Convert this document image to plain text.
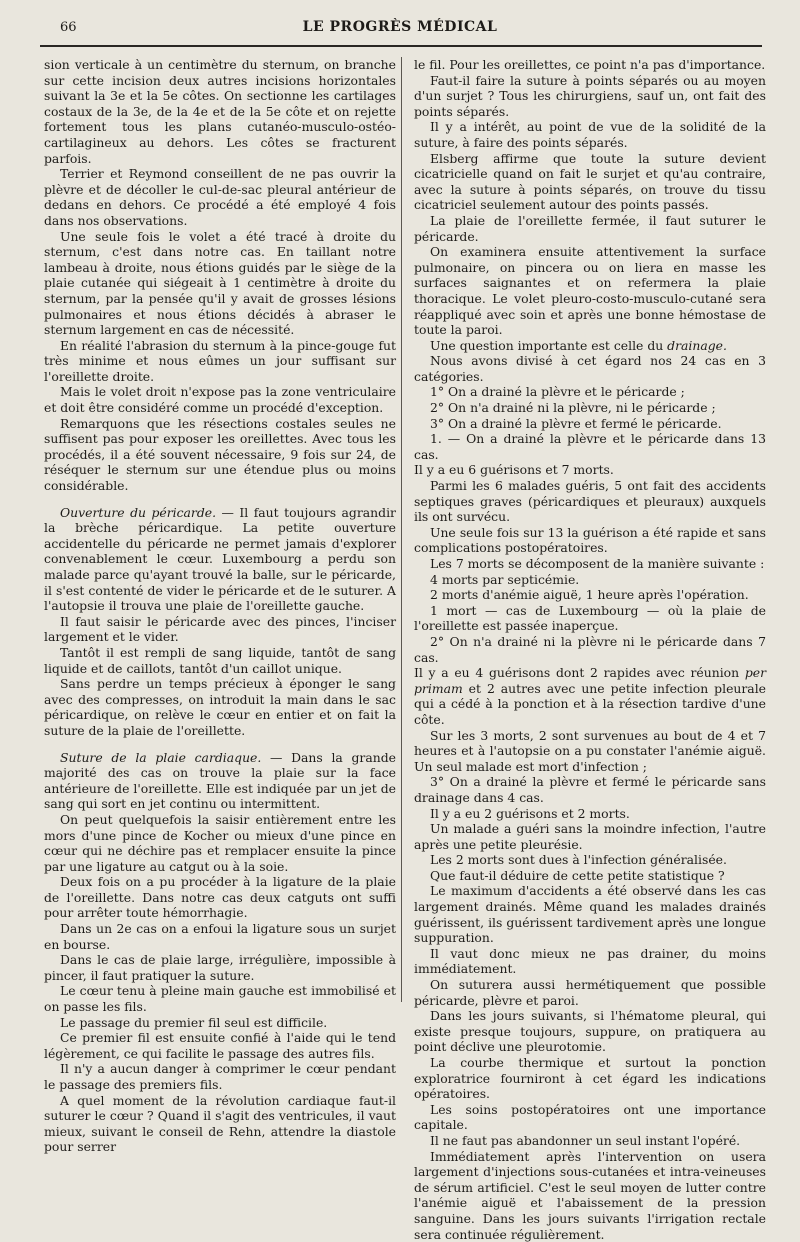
66	LE PROGRÈS MÉDICAL

sion verticale à un centimètre du sternum, on branche sur cette incision deux autres incisions horizontales suivant la 3e et la 5e côtes. On sectionne les cartilages costaux de la 3e, de la 4e et de la 5e côte et on rejette fortement tous les plans cutanéo-musculo-ostéo-cartilagineux au dehors. Les côtes se fracturent parfois.

Terrier et Reymond conseillent de ne pas ouvrir la plèvre et de décoller le cul-de-sac pleural antérieur de dedans en dehors. Ce procédé a été employé 4 fois dans nos observations.

Une seule fois le volet a été tracé à droite du sternum, c'est dans notre cas. En taillant notre lambeau à droite, nous étions guidés par le siège de la plaie cutanée qui siégeait à 1 centimètre à droite du sternum, par la pensée qu'il y avait de grosses lésions pulmonaires et nous étions décidés à abraser le sternum largement en cas de nécessité.

En réalité l'abrasion du sternum à la pince-gouge fut très minime et nous eûmes un jour suffisant sur l'oreillette droite.

Mais le volet droit n'expose pas la zone ventriculaire et doit être considéré comme un procédé d'exception.

Remarquons que les résections costales seules ne suffisent pas pour exposer les oreillettes. Avec tous les procédés, il a été souvent nécessaire, 9 fois sur 24, de réséquer le sternum sur une étendue plus ou moins considérable.

Ouverture du péricarde. — Il faut toujours agrandir la brèche péricardique. La petite ouverture accidentelle du péricarde ne permet jamais d'explorer convenablement le cœur. Luxembourg a perdu son malade parce qu'ayant trouvé la balle, sur le péricarde, il s'est contenté de vider le péricarde et de le suturer. A l'autopsie il trouva une plaie de l'oreillette gauche.

Il faut saisir le péricarde avec des pinces, l'inciser largement et le vider.

Tantôt il est rempli de sang liquide, tantôt de sang liquide et de caillots, tantôt d'un caillot unique.

Sans perdre un temps précieux à éponger le sang avec des compresses, on introduit la main dans le sac péricardique, on relève le cœur en entier et on fait la suture de la plaie de l'oreillette.

Suture de la plaie cardiaque. — Dans la grande majorité des cas on trouve la plaie sur la face antérieure de l'oreillette. Elle est indiquée par un jet de sang qui sort en jet continu ou intermittent.

On peut quelquefois la saisir entièrement entre les mors d'une pince de Kocher ou mieux d'une pince en cœur qui ne déchire pas et remplacer ensuite la pince par une ligature au catgut ou à la soie.

Deux fois on a pu procéder à la ligature de la plaie de l'oreillette. Dans notre cas deux catguts ont suffi pour arrêter toute hémorrhagie.

Dans un 2e cas on a enfoui la ligature sous un surjet en bourse.

Dans le cas de plaie large, irrégulière, impossible à pincer, il faut pratiquer la suture.

Le cœur tenu à pleine main gauche est immobilisé et on passe les fils.

Le passage du premier fil seul est difficile.

Ce premier fil est ensuite confié à l'aide qui le tend légèrement, ce qui facilite le passage des autres fils.

Il n'y a aucun danger à comprimer le cœur pendant le passage des premiers fils.

A quel moment de la révolution cardiaque faut-il suturer le cœur ? Quand il s'agit des ventricules, il vaut mieux, suivant le conseil de Rehn, attendre la diastole pour serrer

le fil. Pour les oreillettes, ce point n'a pas d'importance.

Faut-il faire la suture à points séparés ou au moyen d'un surjet ? Tous les chirurgiens, sauf un, ont fait des points séparés.

Il y a intérêt, au point de vue de la solidité de la suture, à faire des points séparés.

Elsberg affirme que toute la suture devient cicatricielle quand on fait le surjet et qu'au contraire, avec la suture à points séparés, on trouve du tissu cicatriciel seulement autour des points passés.

La plaie de l'oreillette fermée, il faut suturer le péricarde.

On examinera ensuite attentivement la surface pulmonaire, on pincera ou on liera en masse les surfaces saignantes et on refermera la plaie thoracique. Le volet pleuro-costo-musculo-cutané sera réappliqué avec soin et après une bonne hémostase de toute la paroi.

Une question importante est celle du drainage.

Nous avons divisé à cet égard nos 24 cas en 3 catégories.

1° On a drainé la plèvre et le péricarde ;

2° On n'a drainé ni la plèvre, ni le péricarde ;

3° On a drainé la plèvre et fermé le péricarde.

1. — On a drainé la plèvre et le péricarde dans 13 cas.

Il y a eu 6 guérisons et 7 morts.

Parmi les 6 malades guéris, 5 ont fait des accidents septiques graves (péricardiques et pleuraux) auxquels ils ont survécu.

Une seule fois sur 13 la guérison a été rapide et sans complications postopératoires.

Les 7 morts se décomposent de la manière suivante :

4 morts par septicémie.

2 morts d'anémie aiguë, 1 heure après l'opération.

1 mort — cas de Luxembourg — où la plaie de l'oreillette est passée inaperçue.

2° On n'a drainé ni la plèvre ni le péricarde dans 7 cas.

Il y a eu 4 guérisons dont 2 rapides avec réunion per primam et 2 autres avec une petite infection pleurale qui a cédé à la ponction et à la résection tardive d'une côte.

Sur les 3 morts, 2 sont survenues au bout de 4 et 7 heures et à l'autopsie on a pu constater l'anémie aiguë. Un seul malade est mort d'infection ;

3° On a drainé la plèvre et fermé le péricarde sans drainage dans 4 cas.

Il y a eu 2 guérisons et 2 morts.

Un malade a guéri sans la moindre infection, l'autre après une petite pleurésie.

Les 2 morts sont dues à l'infection généralisée.

Que faut-il déduire de cette petite statistique ?

Le maximum d'accidents a été observé dans les cas largement drainés. Même quand les malades drainés guérissent, ils guérissent tardivement après une longue suppuration.

Il vaut donc mieux ne pas drainer, du moins immédiatement.

On suturera aussi hermétiquement que possible péricarde, plèvre et paroi.

Dans les jours suivants, si l'hématome pleural, qui existe presque toujours, suppure, on pratiquera au point déclive une pleurotomie.

La courbe thermique et surtout la ponction exploratrice fourniront à cet égard les indications opératoires.

Les soins postopératoires ont une importance capitale.

Il ne faut pas abandonner un seul instant l'opéré.

Immédiatement après l'intervention on usera largement d'injections sous-cutanées et intra-veineuses de sérum artificiel. C'est le seul moyen de lutter contre l'anémie aiguë et l'abaissement de la pression sanguine. Dans les jours suivants l'irrigation rectale sera continuée régulièrement.
